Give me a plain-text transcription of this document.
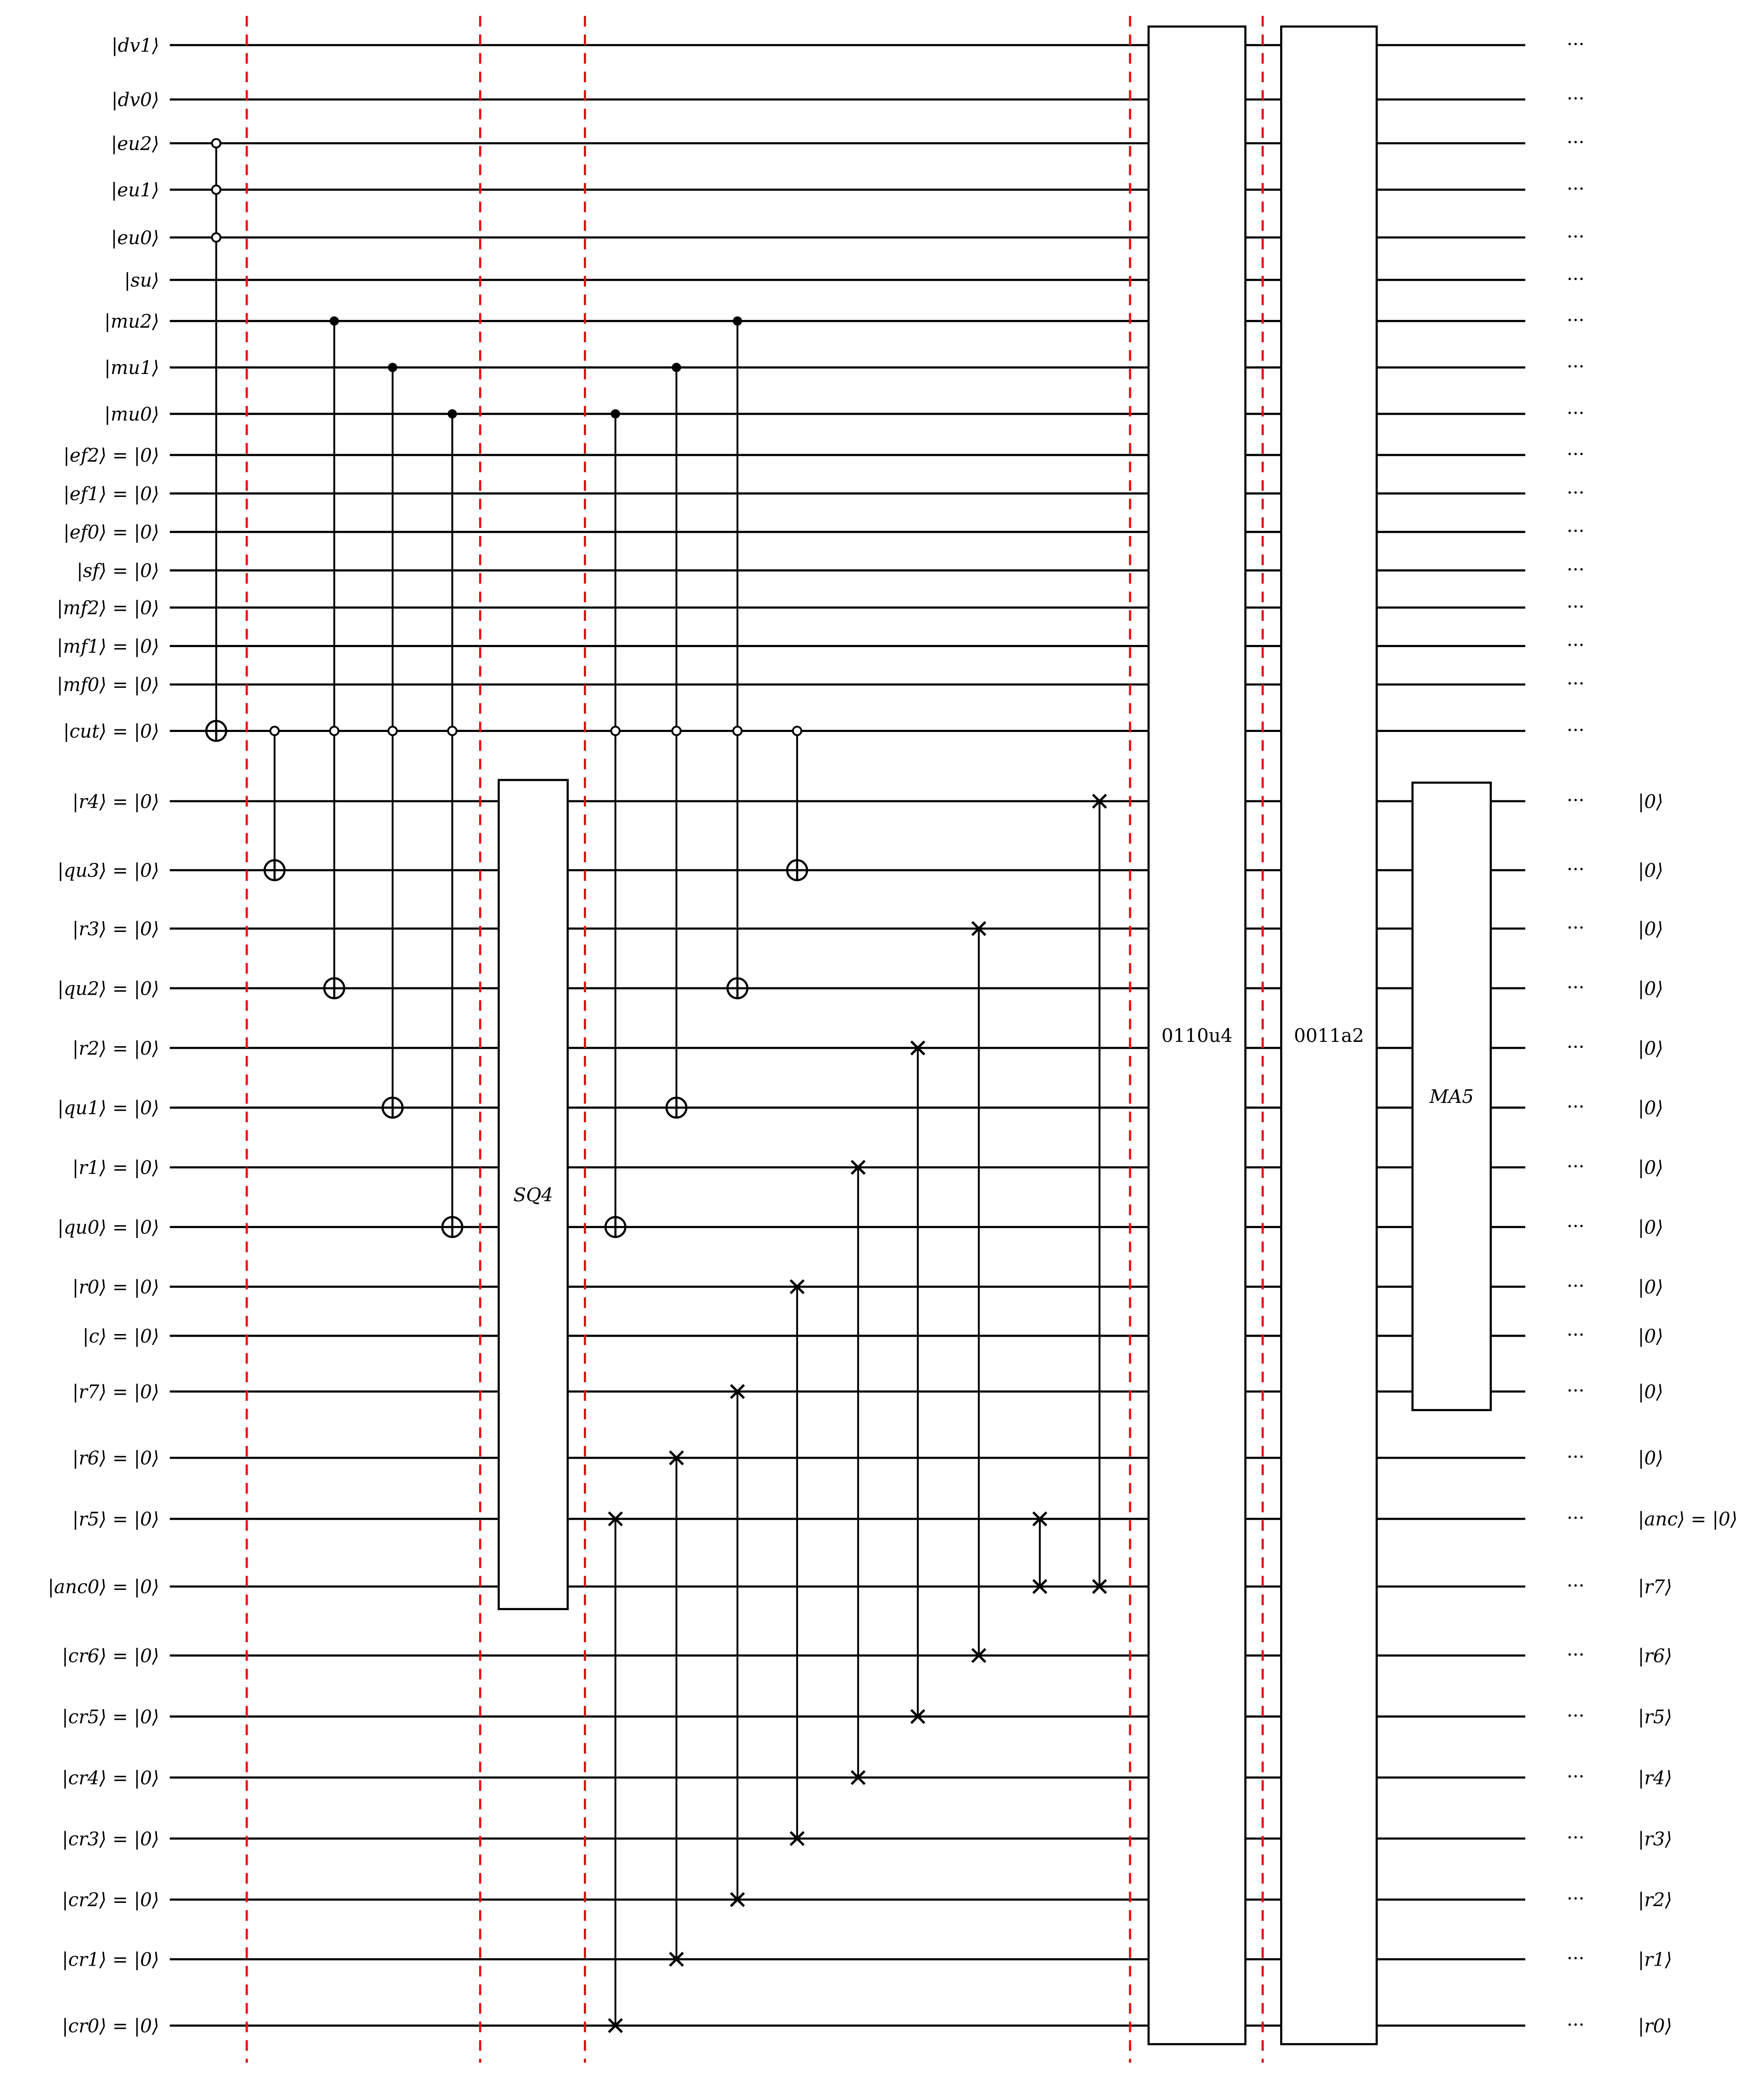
SQ4
0110u4	0011a2
MA5
|dv1⟩	···
|dv0⟩	···
|eu2⟩	···
|eu1⟩	···
|eu0⟩	···
|su⟩	···
|mu2⟩	···
|mu1⟩	···
|mu0⟩	···
|ef2⟩ = |0⟩	···
|ef1⟩ = |0⟩	···
|ef0⟩ = |0⟩	···
|sf⟩ = |0⟩	···
|mf2⟩ = |0⟩	···
|mf1⟩ = |0⟩	···
|mf0⟩ = |0⟩	···
|cut⟩ = |0⟩	···
|r4⟩ = |0⟩	···	|0⟩
|qu3⟩ = |0⟩	···	|0⟩
|r3⟩ = |0⟩	···	|0⟩
|qu2⟩ = |0⟩	···	|0⟩
|r2⟩ = |0⟩	···	|0⟩
|qu1⟩ = |0⟩	···	|0⟩
|r1⟩ = |0⟩	···	|0⟩
|qu0⟩ = |0⟩	···	|0⟩
|r0⟩ = |0⟩	···	|0⟩
|c⟩ = |0⟩	···	|0⟩
|r7⟩ = |0⟩	···	|0⟩
|r6⟩ = |0⟩	···	|0⟩
|r5⟩ = |0⟩	···	|anc⟩ = |0⟩
|anc0⟩ = |0⟩	···	|r7⟩
|cr6⟩ = |0⟩	···	|r6⟩
|cr5⟩ = |0⟩	···	|r5⟩
|cr4⟩ = |0⟩	···	|r4⟩
|cr3⟩ = |0⟩	···	|r3⟩
|cr2⟩ = |0⟩	···	|r2⟩
|cr1⟩ = |0⟩	···	|r1⟩
|cr0⟩ = |0⟩	···	|r0⟩
